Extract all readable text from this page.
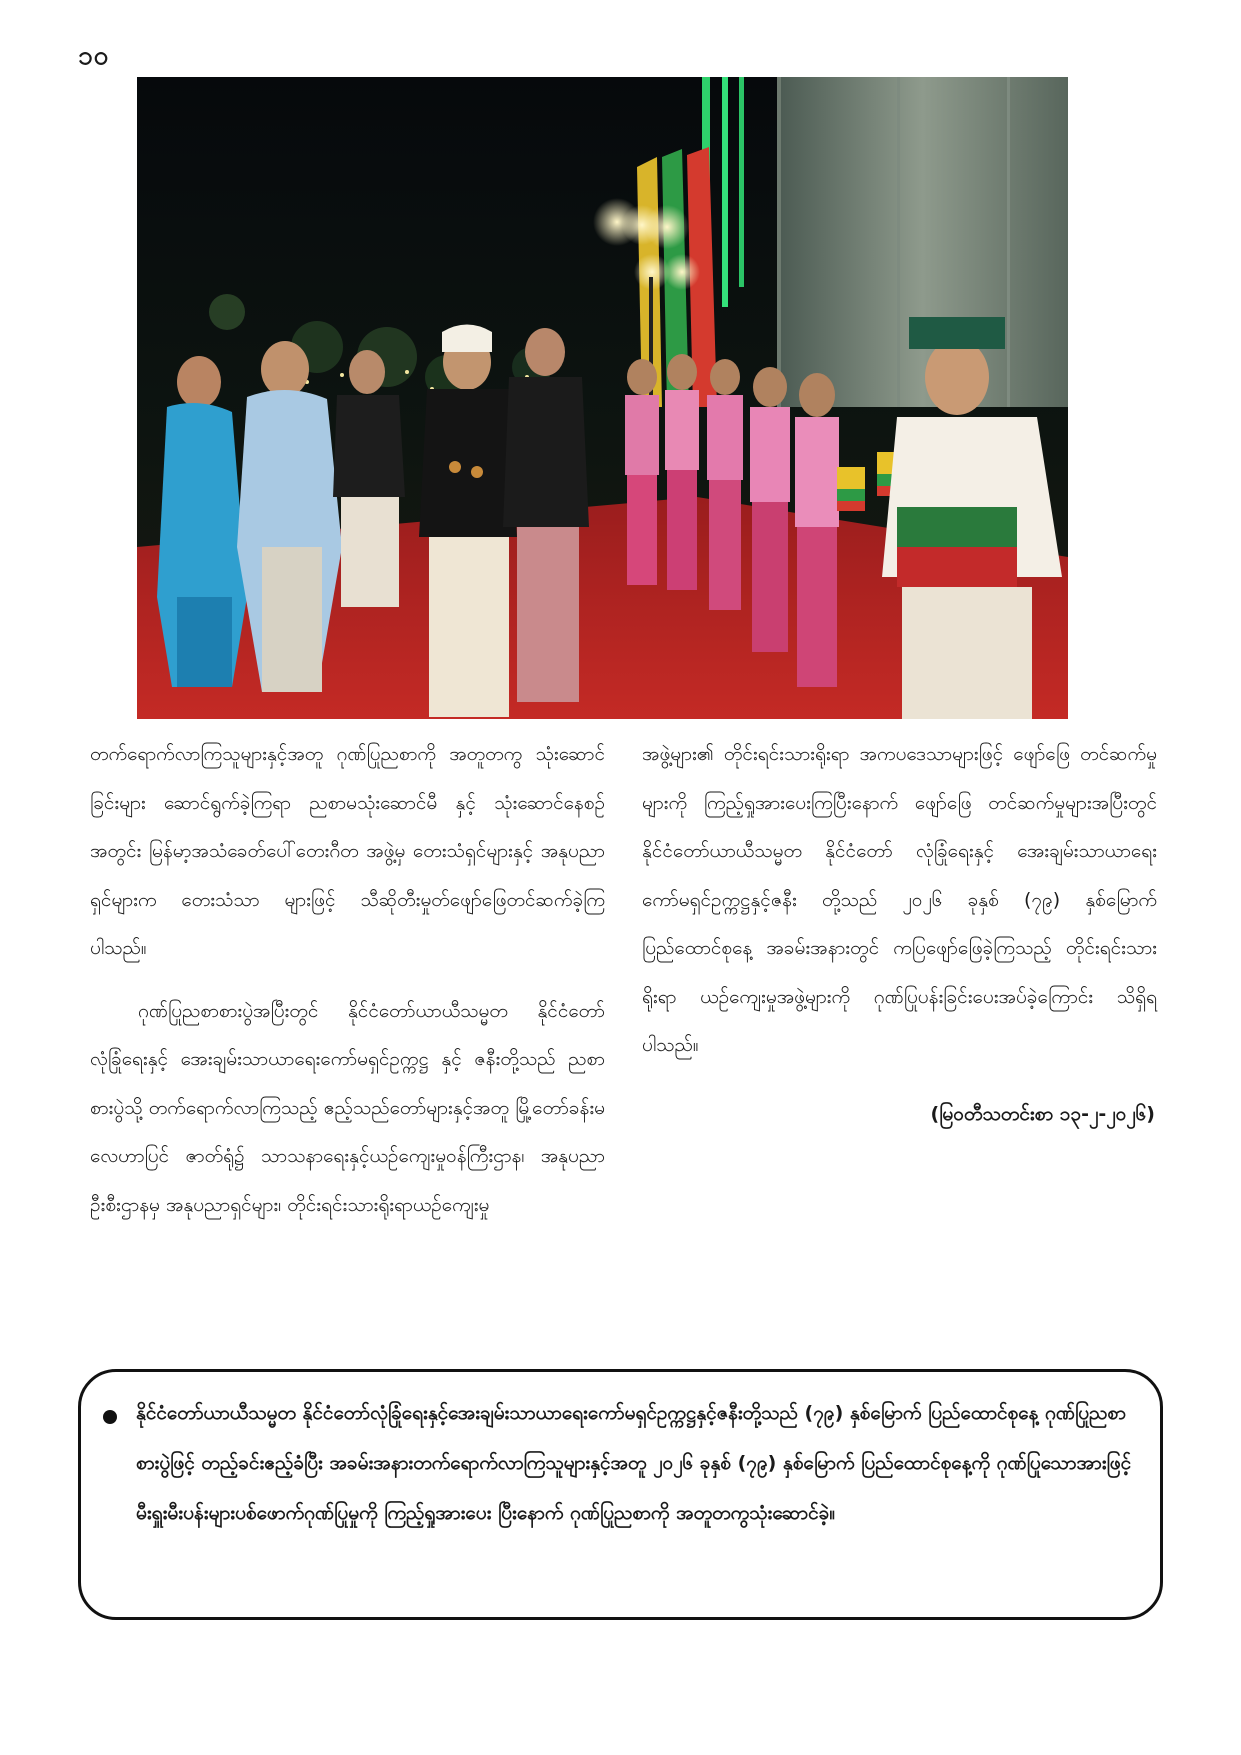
၁၀

တက်ရောက်လာကြသူများနှင့်အတူ ဂုဏ်ပြုညစာကို အတူတကွ သုံးဆောင်ခြင်းများ ဆောင်ရွက်ခဲ့ကြရာ ညစာမသုံးဆောင်မီ နှင့် သုံးဆောင်နေစဉ်အတွင်း မြန်မာ့အသံခေတ်ပေါ်တေးဂီတ အဖွဲ့မှ တေးသံရှင်များနှင့် အနုပညာရှင်များက တေးသံသာ များဖြင့် သီဆိုတီးမှုတ်ဖျော်ဖြေတင်ဆက်ခဲ့ကြပါသည်။

ဂုဏ်ပြုညစာစားပွဲအပြီးတွင် နိုင်ငံတော်ယာယီသမ္မတ နိုင်ငံတော်လုံခြုံရေးနှင့် အေးချမ်းသာယာရေးကော်မရှင်ဥက္ကဋ္ဌ နှင့် ဇနီးတို့သည် ညစာစားပွဲသို့ တက်ရောက်လာကြသည့် ဧည့်သည်တော်များနှင့်အတူ မြို့တော်ခန်းမ လေဟာပြင် ဇာတ်ရုံ၌ သာသနာရေးနှင့်ယဉ်ကျေးမှုဝန်ကြီးဌာန၊ အနုပညာ ဦးစီးဌာနမှ အနုပညာရှင်များ၊ တိုင်းရင်းသားရိုးရာယဉ်ကျေးမှု

အဖွဲ့များ၏ တိုင်းရင်းသားရိုးရာ အကပဒေသာများဖြင့် ဖျော်ဖြေ တင်ဆက်မှုများကို ကြည့်ရှုအားပေးကြပြီးနောက် ဖျော်ဖြေ တင်ဆက်မှုများအပြီးတွင် နိုင်ငံတော်ယာယီသမ္မတ နိုင်ငံတော် လုံခြုံရေးနှင့် အေးချမ်းသာယာရေးကော်မရှင်ဥက္ကဋ္ဌနှင့်ဇနီး တို့သည် ၂၀၂၆ ခုနှစ် (၇၉) နှစ်မြောက် ပြည်ထောင်စုနေ့ အခမ်းအနားတွင် ကပြဖျော်ဖြေခဲ့ကြသည့် တိုင်းရင်းသားရိုးရာ ယဉ်ကျေးမှုအဖွဲ့များကို ဂုဏ်ပြုပန်းခြင်းပေးအပ်ခဲ့ကြောင်း သိရှိရပါသည်။

(မြဝတီသတင်းစာ ၁၃-၂-၂၀၂၆)

နိုင်ငံတော်ယာယီသမ္မတ နိုင်ငံတော်လုံခြုံရေးနှင့်အေးချမ်းသာယာရေးကော်မရှင်ဥက္ကဋ္ဌနှင့်ဇနီးတို့သည် (၇၉) နှစ်မြောက် ပြည်ထောင်စုနေ့ ဂုဏ်ပြုညစာစားပွဲဖြင့် တည့်ခင်းဧည့်ခံပြီး အခမ်းအနားတက်ရောက်လာကြသူများနှင့်အတူ ၂၀၂၆ ခုနှစ် (၇၉) နှစ်မြောက် ပြည်ထောင်စုနေ့ကို ဂုဏ်ပြုသောအားဖြင့် မီးရှူးမီးပန်းများပစ်ဖောက်ဂုဏ်ပြုမှုကို ကြည့်ရှုအားပေး ပြီးနောက် ဂုဏ်ပြုညစာကို အတူတကွသုံးဆောင်ခဲ့။
